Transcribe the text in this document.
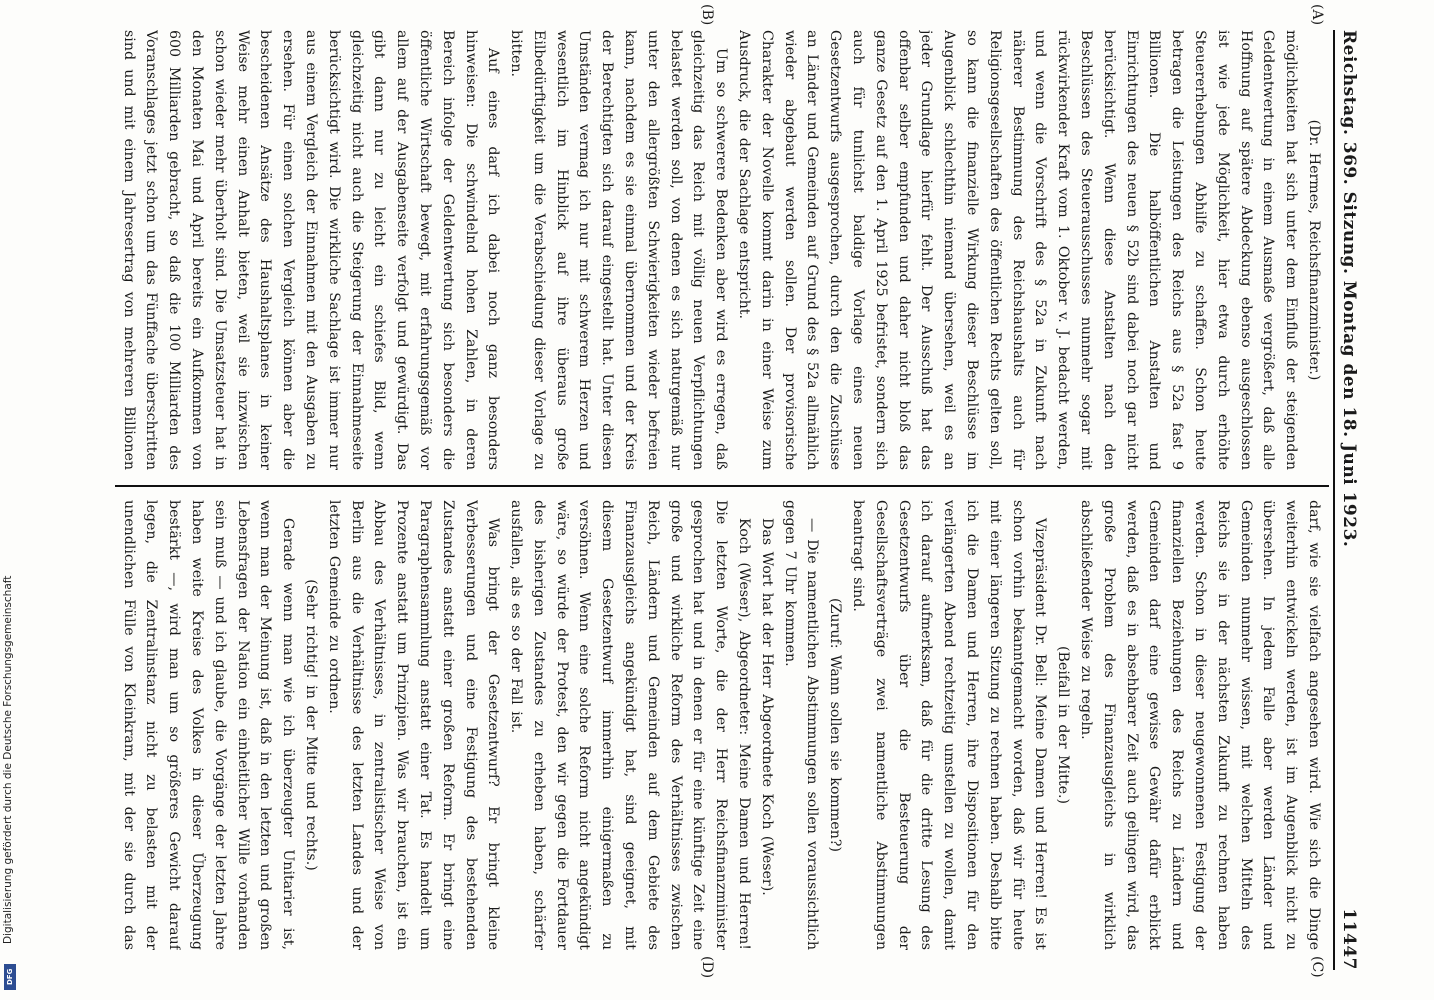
Reichstag. 369. Sitzung. Montag den 18. Juni 1923.
11447
(A)
(B)
(C)
(D)

(Dr. Hermes, Reichsfinanzminister.)

möglichkeiten hat sich unter dem Einfluß der steigenden Geldentwertung in einem Ausmaße vergrößert, daß alle Hoffnung auf spätere Abdeckung ebenso ausgeschlossen ist wie jede Möglichkeit, hier etwa durch erhöhte Steuererhebungen Abhilfe zu schaffen. Schon heute betragen die Leistungen des Reichs aus § 52a fast 9 Billionen. Die halböffentlichen Anstalten und Einrichtungen des neuen § 52b sind dabei noch gar nicht berücksichtigt. Wenn diese Anstalten nach den Beschlüssen des Steuerausschusses nunmehr sogar mit rückwirkender Kraft vom 1. Oktober v. J. bedacht werden, und wenn die Vorschrift des § 52a in Zukunft nach näherer Bestimmung des Reichshaushalts auch für Religionsgesellschaften des öffentlichen Rechts gelten soll, so kann die finanzielle Wirkung dieser Beschlüsse im Augenblick schlechthin niemand übersehen, weil es an jeder Grundlage hierfür fehlt. Der Ausschuß hat das offenbar selber empfunden und daher nicht bloß das ganze Gesetz auf den 1. April 1925 befristet, sondern sich auch für tunlichst baldige Vorlage eines neuen Gesetzentwurfs ausgesprochen, durch den die Zuschüsse an Länder und Gemeinden auf Grund des § 52a allmählich wieder abgebaut werden sollen. Der provisorische Charakter der Novelle kommt darin in einer Weise zum Ausdruck, die der Sachlage entspricht.

Um so schwerere Bedenken aber wird es erregen, daß gleichzeitig das Reich mit völlig neuen Verpflichtungen belastet werden soll, von denen es sich naturgemäß nur unter den allergrößten Schwierigkeiten wieder befreien kann, nachdem es sie einmal übernommen und der Kreis der Berechtigten sich darauf eingestellt hat. Unter diesen Umständen vermag ich nur mit schwerem Herzen und wesentlich im Hinblick auf ihre überaus große Eilbedürftigkeit um die Verabschiedung dieser Vorlage zu bitten.

Auf eines darf ich dabei noch ganz besonders hinweisen: Die schwindelnd hohen Zahlen, in deren Bereich infolge der Geldentwertung sich besonders die öffentliche Wirtschaft bewegt, mit erfahrungsgemäß vor allem auf der Ausgabenseite verfolgt und gewürdigt. Das gibt dann nur zu leicht ein schiefes Bild, wenn gleichzeitig nicht auch die Steigerung der Einnahmeseite berücksichtigt wird. Die wirkliche Sachlage ist immer nur aus einem Vergleich der Einnahmen mit den Ausgaben zu ersehen. Für einen solchen Vergleich können aber die bescheidenen Ansätze des Haushaltsplanes in keiner Weise mehr einen Anhalt bieten, weil sie inzwischen schon wieder mehr überholt sind. Die Umsatzsteuer hat in den Monaten Mai und April bereits ein Aufkommen von 600 Milliarden gebracht, so daß die 100 Milliarden des Voranschlages jetzt schon um das Fünffache überschritten sind und mit einem Jahresertrag von mehreren Billionen

darf, wie sie vielfach angesehen wird. Wie sich die Dinge weiterhin entwickeln werden, ist im Augenblick nicht zu übersehen. In jedem Falle aber werden Länder und Gemeinden nunmehr wissen, mit welchen Mitteln des Reichs sie in der nächsten Zukunft zu rechnen haben werden. Schon in dieser neugewonnenen Festigung der finanziellen Beziehungen des Reichs zu Ländern und Gemeinden darf eine gewisse Gewähr dafür erblickt werden, daß es in absehbarer Zeit auch gelingen wird, das große Problem des Finanzausgleichs in wirklich abschließender Weise zu regeln.

(Beifall in der Mitte.)

Vizepräsident Dr. Bell: Meine Damen und Herren! Es ist schon vorhin bekanntgemacht worden, daß wir für heute mit einer längeren Sitzung zu rechnen haben. Deshalb bitte ich die Damen und Herren, ihre Dispositionen für den verlängerten Abend rechtzeitig umstellen zu wollen, damit ich darauf aufmerksam, daß für die dritte Lesung des Gesetzentwurfs über die Besteuerung der Gesellschaftsverträge zwei namentliche Abstimmungen beantragt sind.

(Zuruf: Wann sollen sie kommen?)

— Die namentlichen Abstimmungen sollen voraussichtlich gegen 7 Uhr kommen.

Das Wort hat der Herr Abgeordnete Koch (Weser).

Koch (Weser), Abgeordneter: Meine Damen und Herren! Die letzten Worte, die der Herr Reichsfinanzminister gesprochen hat und in denen er für eine künftige Zeit eine große und wirkliche Reform des Verhältnisses zwischen Reich, Ländern und Gemeinden auf dem Gebiete des Finanzausgleichs angekündigt hat, sind geeignet, mit diesem Gesetzentwurf immerhin einigermaßen zu versöhnen. Wenn eine solche Reform nicht angekündigt wäre, so würde der Protest, den wir gegen die Fortdauer des bisherigen Zustandes zu erheben haben, schärfer ausfallen, als es so der Fall ist.

Was bringt der Gesetzentwurf? Er bringt kleine Verbesserungen und eine Festigung des bestehenden Zustandes anstatt einer großen Reform. Er bringt eine Paragraphensammlung anstatt einer Tat. Es handelt um Prozente anstatt um Prinzipien. Was wir brauchen, ist ein Abbau des Verhältnisses, in zentralistischer Weise von Berlin aus die Verhältnisse des letzten Landes und der letzten Gemeinde zu ordnen.

(Sehr richtig! in der Mitte und rechts.)

Gerade wenn man wie ich überzeugter Unitarier ist, wenn man der Meinung ist, daß in den letzten und großen Lebensfragen der Nation ein einheitlicher Wille vorhanden sein muß — und ich glaube, die Vorgänge der letzten Jahre haben weite Kreise des Volkes in dieser Überzeugung bestärkt —, wird man um so größeres Gewicht darauf legen, die Zentralinstanz nicht zu belasten mit der unendlichen Fülle von Kleinkram, mit der sie durch das

Digitalisierung gefördert durch die Deutsche Forschungsgemeinschaft
DFG
